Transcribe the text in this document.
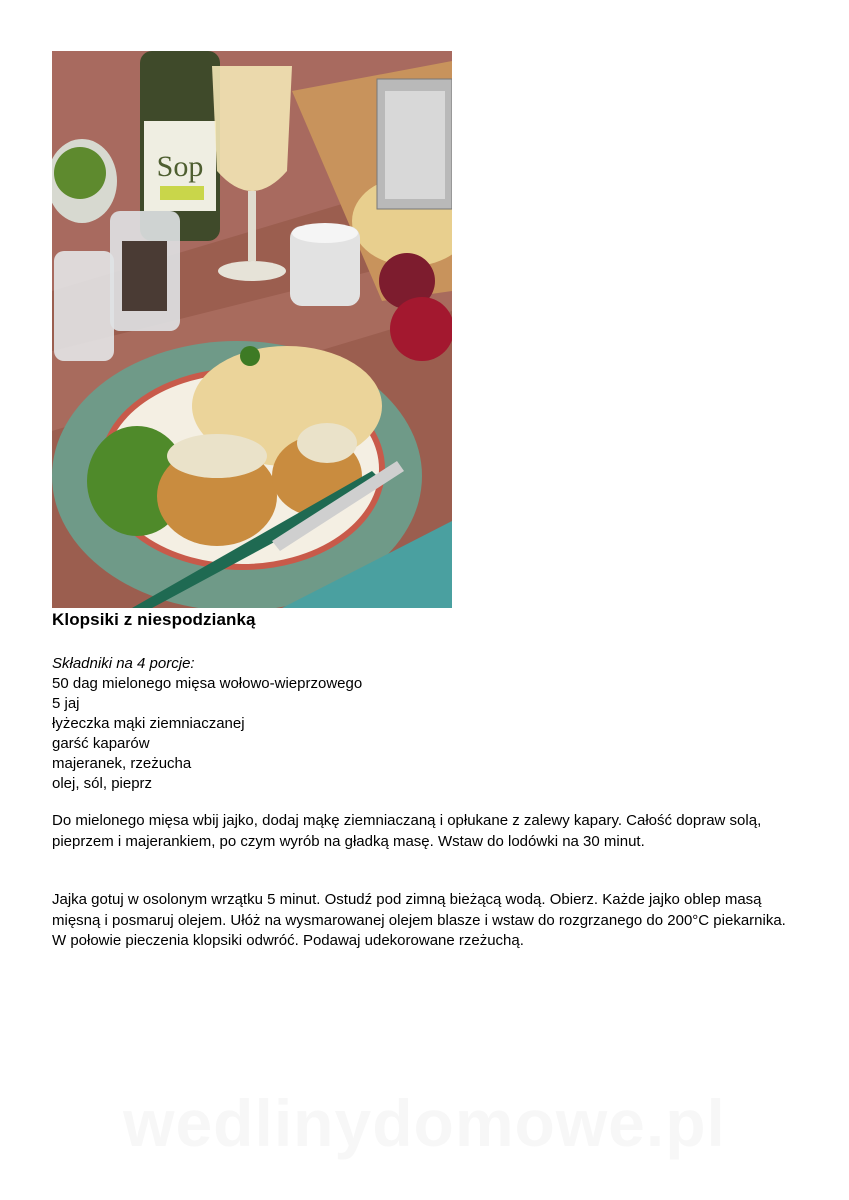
Sop
Klopsiki z niespodzianką
Składniki na 4 porcje:
50 dag mielonego mięsa wołowo-wieprzowego
5 jaj
łyżeczka mąki ziemniaczanej
garść kaparów
majeranek, rzeżucha
olej, sól, pieprz
Do mielonego mięsa wbij jajko, dodaj mąkę ziemniaczaną i opłukane z zalewy kapary. Całość dopraw solą, pieprzem i majerankiem, po czym wyrób na gładką masę. Wstaw do lodówki na 30 minut.
Jajka gotuj w osolonym wrzątku 5 minut. Ostudź pod zimną bieżącą wodą. Obierz. Każde jajko oblep masą mięsną i posmaruj olejem. Ułóż na wysmarowanej olejem blasze i wstaw do rozgrzanego do 200°C piekarnika. W połowie pieczenia klopsiki odwróć. Podawaj udekorowane rzeżuchą.
wedlinydomowe.pl
